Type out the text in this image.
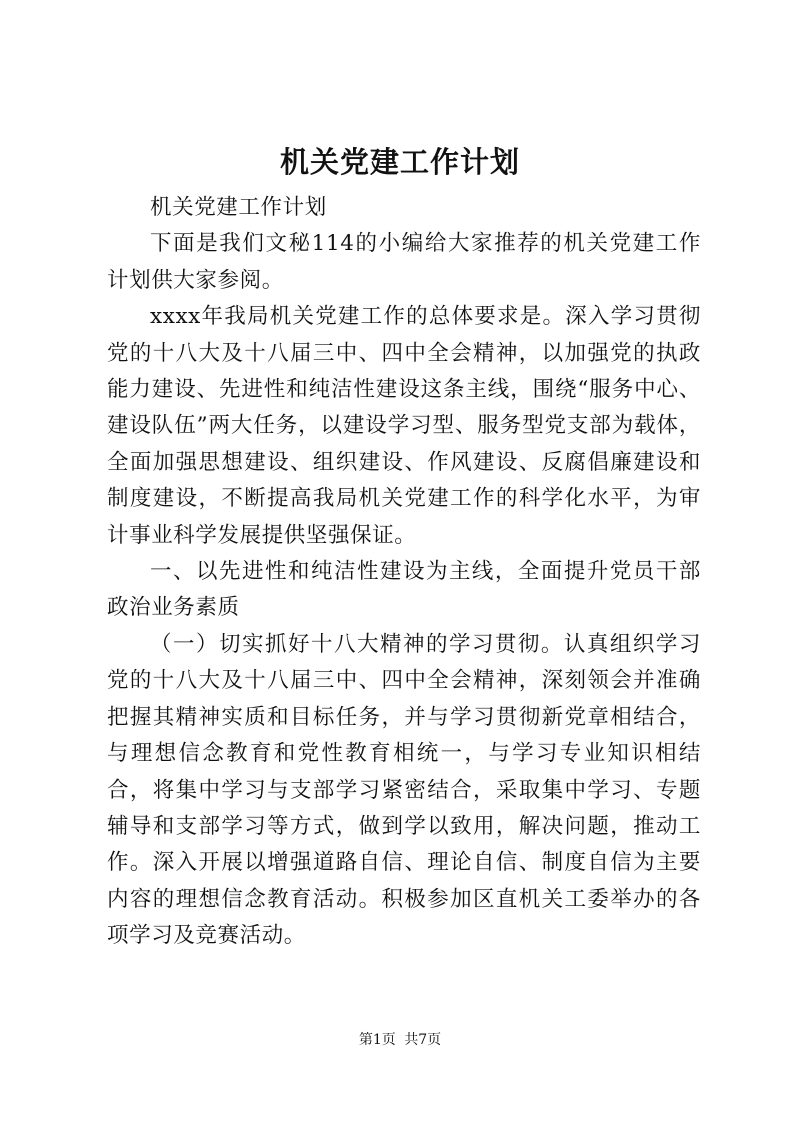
机关党建工作计划

机关党建工作计划

下面是我们文秘114的小编给大家推荐的机关党建工作计划供大家参阅。

xxxx年我局机关党建工作的总体要求是。深入学习贯彻党的十八大及十八届三中、四中全会精神，以加强党的执政能力建设、先进性和纯洁性建设这条主线，围绕“服务中心、建设队伍”两大任务，以建设学习型、服务型党支部为载体，全面加强思想建设、组织建设、作风建设、反腐倡廉建设和制度建设，不断提高我局机关党建工作的科学化水平，为审计事业科学发展提供坚强保证。

一、以先进性和纯洁性建设为主线，全面提升党员干部政治业务素质

（一）切实抓好十八大精神的学习贯彻。认真组织学习党的十八大及十八届三中、四中全会精神，深刻领会并准确把握其精神实质和目标任务，并与学习贯彻新党章相结合，与理想信念教育和党性教育相统一，与学习专业知识相结合，将集中学习与支部学习紧密结合，采取集中学习、专题辅导和支部学习等方式，做到学以致用，解决问题，推动工作。深入开展以增强道路自信、理论自信、制度自信为主要内容的理想信念教育活动。积极参加区直机关工委举办的各项学习及竞赛活动。

第1页 共7页
